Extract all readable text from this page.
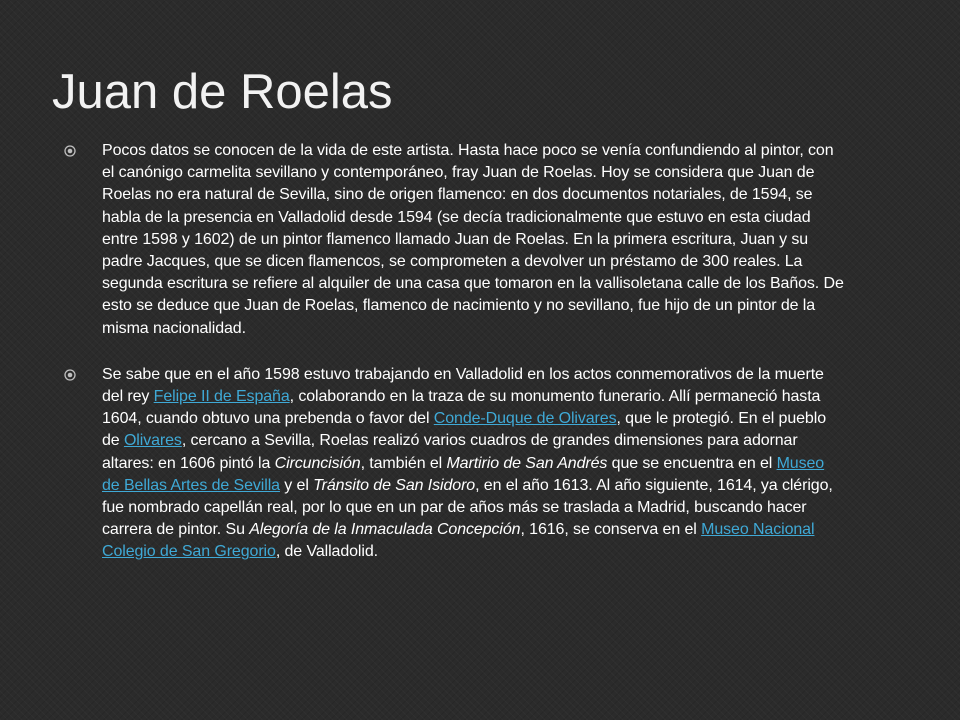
Juan de Roelas
Pocos datos se conocen de la vida de este artista. Hasta hace poco se venía confundiendo al pintor, con el canónigo carmelita sevillano y contemporáneo, fray Juan de Roelas. Hoy se considera que Juan de Roelas no era natural de Sevilla, sino de origen flamenco: en dos documentos notariales, de 1594, se habla de la presencia en Valladolid desde 1594 (se decía tradicionalmente que estuvo en esta ciudad entre 1598 y 1602) de un pintor flamenco llamado Juan de Roelas. En la primera escritura, Juan y su padre Jacques, que se dicen flamencos, se comprometen a devolver un préstamo de 300 reales. La segunda escritura se refiere al alquiler de una casa que tomaron en la vallisoletana calle de los Baños. De esto se deduce que Juan de Roelas, flamenco de nacimiento y no sevillano, fue hijo de un pintor de la misma nacionalidad.
Se sabe que en el año 1598 estuvo trabajando en Valladolid en los actos conmemorativos de la muerte del rey Felipe II de España, colaborando en la traza de su monumento funerario. Allí permaneció hasta 1604, cuando obtuvo una prebenda o favor del Conde-Duque de Olivares, que le protegió. En el pueblo de Olivares, cercano a Sevilla, Roelas realizó varios cuadros de grandes dimensiones para adornar altares: en 1606 pintó la Circuncisión, también el Martirio de San Andrés que se encuentra en el Museo de Bellas Artes de Sevilla y el Tránsito de San Isidoro, en el año 1613. Al año siguiente, 1614, ya clérigo, fue nombrado capellán real, por lo que en un par de años más se traslada a Madrid, buscando hacer carrera de pintor. Su Alegoría de la Inmaculada Concepción, 1616, se conserva en el Museo Nacional Colegio de San Gregorio, de Valladolid.
